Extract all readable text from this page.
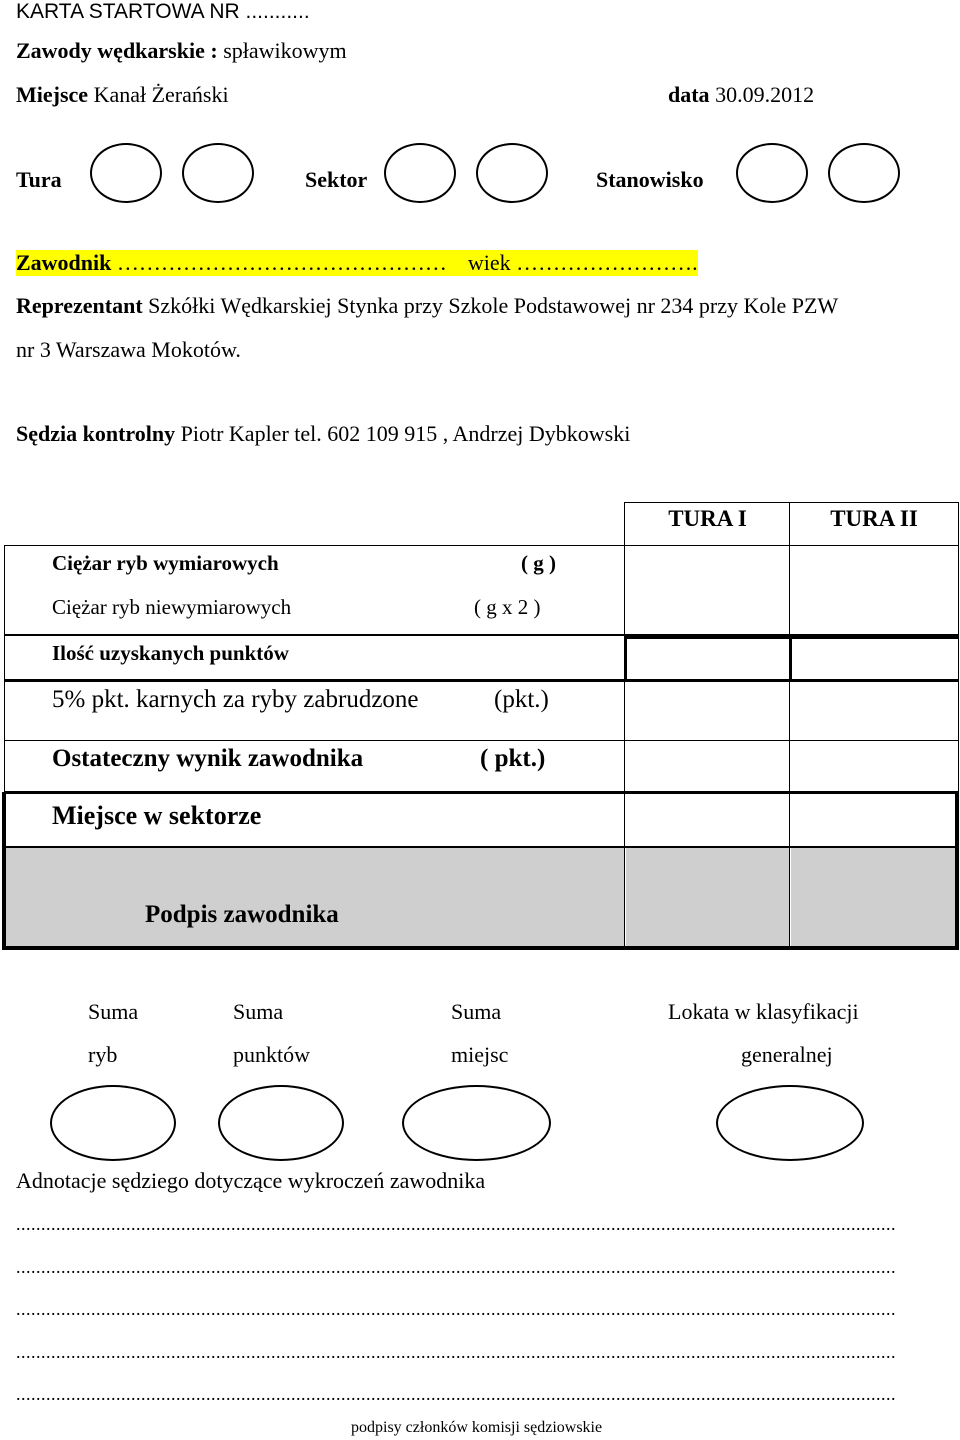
KARTA STARTOWA NR ...........
Zawody wędkarskie : spławikowym
Miejsce Kanał Żerański	data 30.09.2012
Tura	Sektor	Stanowisko
Zawodnik ………………………………………  wiek …………………….
Reprezentant Szkółki Wędkarskiej Stynka przy Szkole Podstawowej nr 234 przy Kole PZW
nr 3 Warszawa Mokotów.
Sędzia kontrolny Piotr Kapler tel. 602 109 915 , Andrzej Dybkowski
TURA I	TURA II
Ciężar ryb wymiarowych	( g )
Ciężar ryb niewymiarowych	( g x 2 )
Ilość uzyskanych punktów
5% pkt. karnych za ryby zabrudzone	(pkt.)
Ostateczny wynik zawodnika	( pkt.)
Miejsce w sektorze
Podpis zawodnika
Suma
ryb
Suma
punktów
Suma
miejsc
Lokata w klasyfikacji
generalnej
Adnotacje sędziego dotyczące wykroczeń zawodnika
................................................................................................................................................................................
................................................................................................................................................................................
................................................................................................................................................................................
................................................................................................................................................................................
................................................................................................................................................................................
podpisy członków komisji sędziowskie
